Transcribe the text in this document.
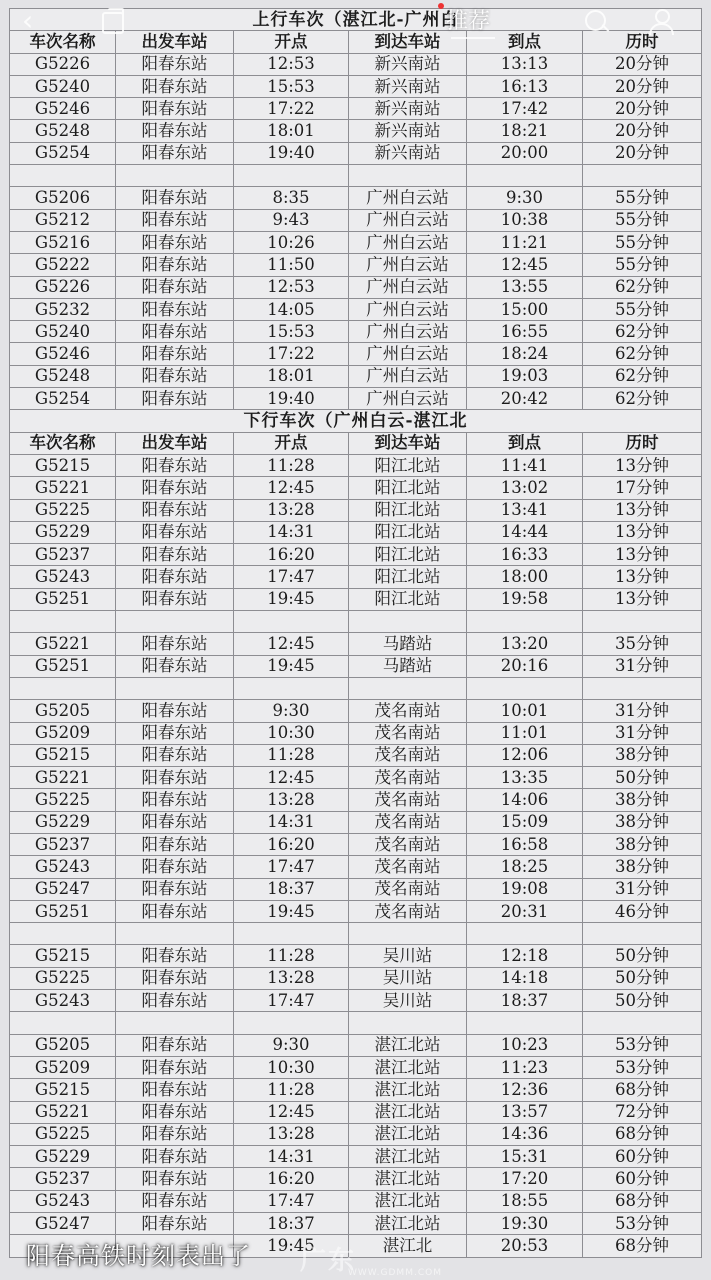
上行车次（湛江北-广州白					
车次名称	出发车站	开点	到达车站	到点	历时
G5226	阳春东站	12:53	新兴南站	13:13	20分钟
G5240	阳春东站	15:53	新兴南站	16:13	20分钟
G5246	阳春东站	17:22	新兴南站	17:42	20分钟
G5248	阳春东站	18:01	新兴南站	18:21	20分钟
G5254	阳春东站	19:40	新兴南站	20:00	20分钟

G5206	阳春东站	8:35	广州白云站	9:30	55分钟
G5212	阳春东站	9:43	广州白云站	10:38	55分钟
G5216	阳春东站	10:26	广州白云站	11:21	55分钟
G5222	阳春东站	11:50	广州白云站	12:45	55分钟
G5226	阳春东站	12:53	广州白云站	13:55	62分钟
G5232	阳春东站	14:05	广州白云站	15:00	55分钟
G5240	阳春东站	15:53	广州白云站	16:55	62分钟
G5246	阳春东站	17:22	广州白云站	18:24	62分钟
G5248	阳春东站	18:01	广州白云站	19:03	62分钟
G5254	阳春东站	19:40	广州白云站	20:42	62分钟
下行车次（广州白云-湛江北					
车次名称	出发车站	开点	到达车站	到点	历时
G5215	阳春东站	11:28	阳江北站	11:41	13分钟
G5221	阳春东站	12:45	阳江北站	13:02	17分钟
G5225	阳春东站	13:28	阳江北站	13:41	13分钟
G5229	阳春东站	14:31	阳江北站	14:44	13分钟
G5237	阳春东站	16:20	阳江北站	16:33	13分钟
G5243	阳春东站	17:47	阳江北站	18:00	13分钟
G5251	阳春东站	19:45	阳江北站	19:58	13分钟

G5221	阳春东站	12:45	马踏站	13:20	35分钟
G5251	阳春东站	19:45	马踏站	20:16	31分钟

G5205	阳春东站	9:30	茂名南站	10:01	31分钟
G5209	阳春东站	10:30	茂名南站	11:01	31分钟
G5215	阳春东站	11:28	茂名南站	12:06	38分钟
G5221	阳春东站	12:45	茂名南站	13:35	50分钟
G5225	阳春东站	13:28	茂名南站	14:06	38分钟
G5229	阳春东站	14:31	茂名南站	15:09	38分钟
G5237	阳春东站	16:20	茂名南站	16:58	38分钟
G5243	阳春东站	17:47	茂名南站	18:25	38分钟
G5247	阳春东站	18:37	茂名南站	19:08	31分钟
G5251	阳春东站	19:45	茂名南站	20:31	46分钟

G5215	阳春东站	11:28	吴川站	12:18	50分钟
G5225	阳春东站	13:28	吴川站	14:18	50分钟
G5243	阳春东站	17:47	吴川站	18:37	50分钟

G5205	阳春东站	9:30	湛江北站	10:23	53分钟
G5209	阳春东站	10:30	湛江北站	11:23	53分钟
G5215	阳春东站	11:28	湛江北站	12:36	68分钟
G5221	阳春东站	12:45	湛江北站	13:57	72分钟
G5225	阳春东站	13:28	湛江北站	14:36	68分钟
G5229	阳春东站	14:31	湛江北站	15:31	60分钟
G5237	阳春东站	16:20	湛江北站	17:20	60分钟
G5243	阳春东站	17:47	湛江北站	18:55	68分钟
G5247	阳春东站	18:37	湛江北站	19:30	53分钟
		19:45	湛江北	20:53	68分钟
‹	推荐
阳春高铁时刻表出了 广东
WWW.GDMM.COM
